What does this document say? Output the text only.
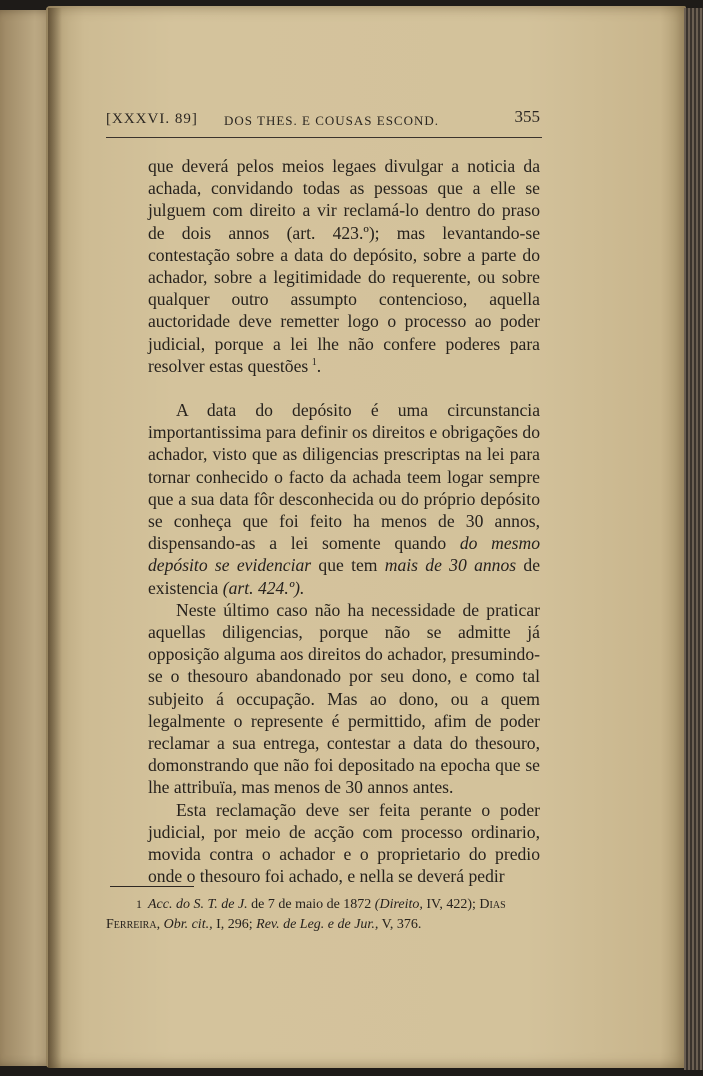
[XXXVI. 89] DOS THES. E COUSAS ESCOND.	355

que deverá pelos meios legaes divulgar a noticia da achada, convidando todas as pessoas que a elle se julguem com direito a vir reclamá-lo dentro do praso de dois annos (art. 423.º); mas levantando-se contestação sobre a data do depósito, sobre a parte do achador, sobre a legitimidade do requerente, ou sobre qualquer outro assumpto contencioso, aquella auctoridade deve remetter logo o processo ao poder judicial, porque a lei lhe não confere poderes para resolver estas questões  $^1$.

A data do depósito é uma circunstancia importantissima para definir os direitos e obrigações do achador, visto que as diligencias prescriptas na lei para tornar conhecido o facto da achada teem logar sempre que a sua data fôr desconhecida ou do próprio depósito se conheça que foi feito ha menos de 30 annos, dispensando-as a lei somente quando do mesmo depósito se evidenciar que tem mais de 30 annos de existencia (art. 424.º).

Neste último caso não ha necessidade de praticar aquellas diligencias, porque não se admitte já opposição alguma aos direitos do achador, presumindo-se o thesouro abandonado por seu dono, e como tal subjeito á occupação. Mas ao dono, ou a quem legalmente o represente é permittido, afim de poder reclamar a sua entrega, contestar a data do thesouro, domonstrando que não foi depositado na epocha que se lhe attribuïa, mas menos de 30 annos antes.

Esta reclamação deve ser feita perante o poder judicial, por meio de acção com processo ordinario, movida contra o achador e o proprietario do predio onde o thesouro foi achado, e nella se deverá pedir

1 Acc. do S. T. de J. de 7 de maio de 1872 (Direito, IV, 422); Dias Ferreira, Obr. cit., I, 296; Rev. de Leg. e de Jur., V, 376.
